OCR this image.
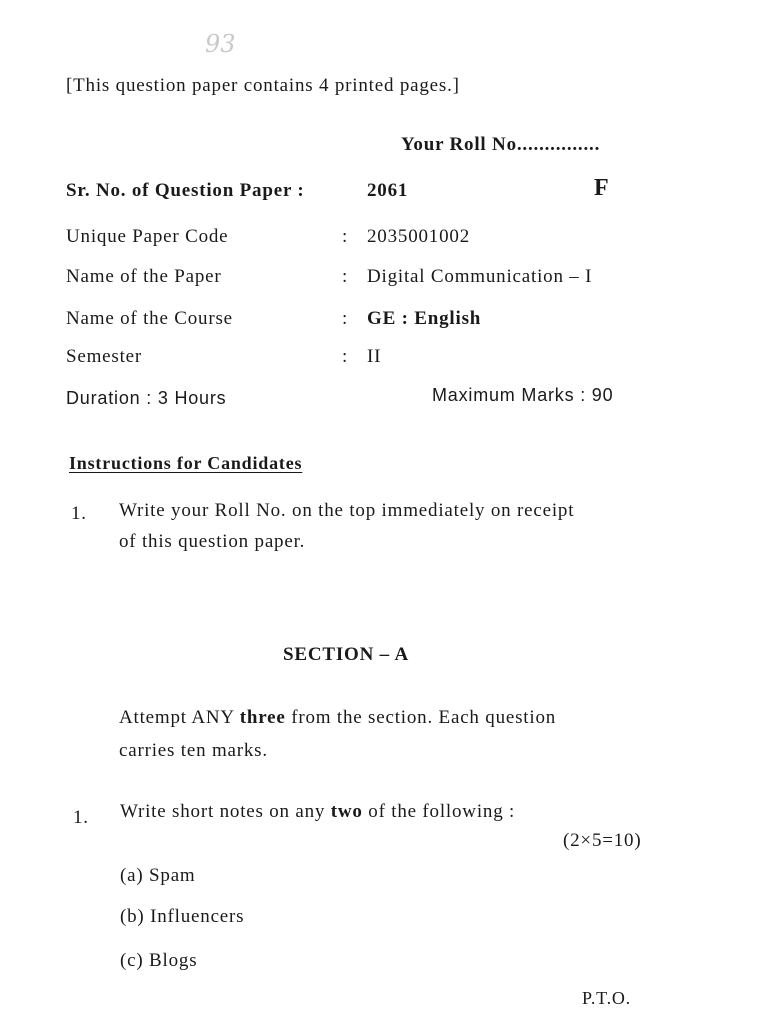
93
[This question paper contains 4 printed pages.]
Your Roll No...............
Sr. No. of Question Paper :	2061	F
Unique Paper Code	: 2035001002
Name of the Paper	: Digital Communication – I
Name of the Course	: GE : English
Semester	: II
Duration : 3 Hours	Maximum Marks : 90
Instructions for Candidates
1. Write your Roll No. on the top immediately on receipt
of this question paper.
SECTION – A
Attempt ANY three from the section. Each question
carries ten marks.
1. Write short notes on any two of the following :
(2×5=10)
(a) Spam
(b) Influencers
(c) Blogs
P.T.O.
